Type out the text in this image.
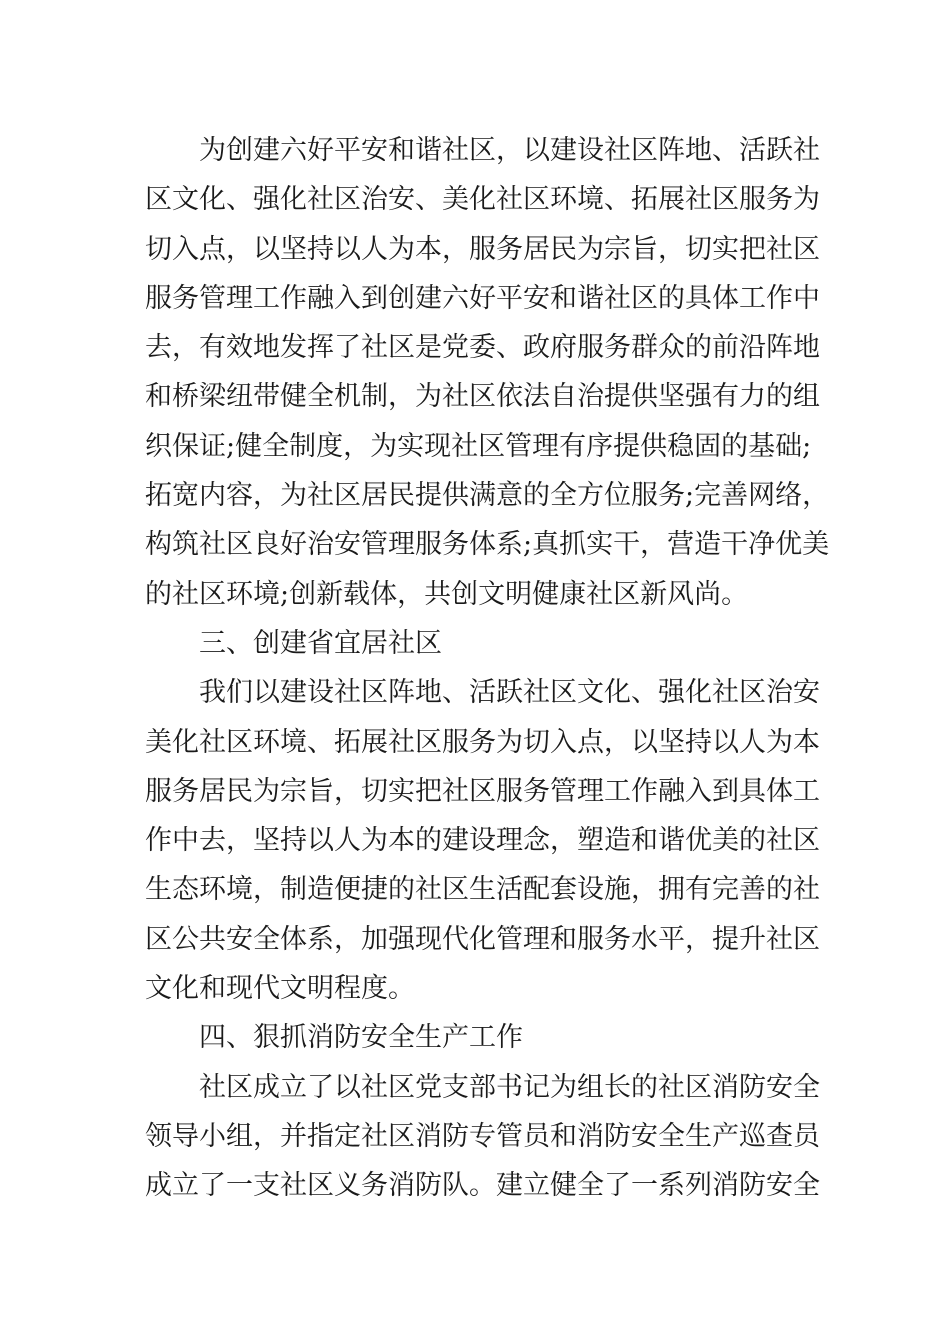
为创建六好平安和谐社区，以建设社区阵地、活跃社
区文化、强化社区治安、美化社区环境、拓展社区服务为
切入点，以坚持以人为本，服务居民为宗旨，切实把社区
服务管理工作融入到创建六好平安和谐社区的具体工作中
去，有效地发挥了社区是党委、政府服务群众的前沿阵地
和桥梁纽带健全机制，为社区依法自治提供坚强有力的组
织保证;健全制度，为实现社区管理有序提供稳固的基础;
拓宽内容，为社区居民提供满意的全方位服务;完善网络，
构筑社区良好治安管理服务体系;真抓实干，营造干净优美
的社区环境;创新载体，共创文明健康社区新风尚。
三、创建省宜居社区
我们以建设社区阵地、活跃社区文化、强化社区治安
美化社区环境、拓展社区服务为切入点，以坚持以人为本
服务居民为宗旨，切实把社区服务管理工作融入到具体工
作中去，坚持以人为本的建设理念，塑造和谐优美的社区
生态环境，制造便捷的社区生活配套设施，拥有完善的社
区公共安全体系，加强现代化管理和服务水平，提升社区
文化和现代文明程度。
四、狠抓消防安全生产工作
社区成立了以社区党支部书记为组长的社区消防安全
领导小组，并指定社区消防专管员和消防安全生产巡查员
成立了一支社区义务消防队。建立健全了一系列消防安全
